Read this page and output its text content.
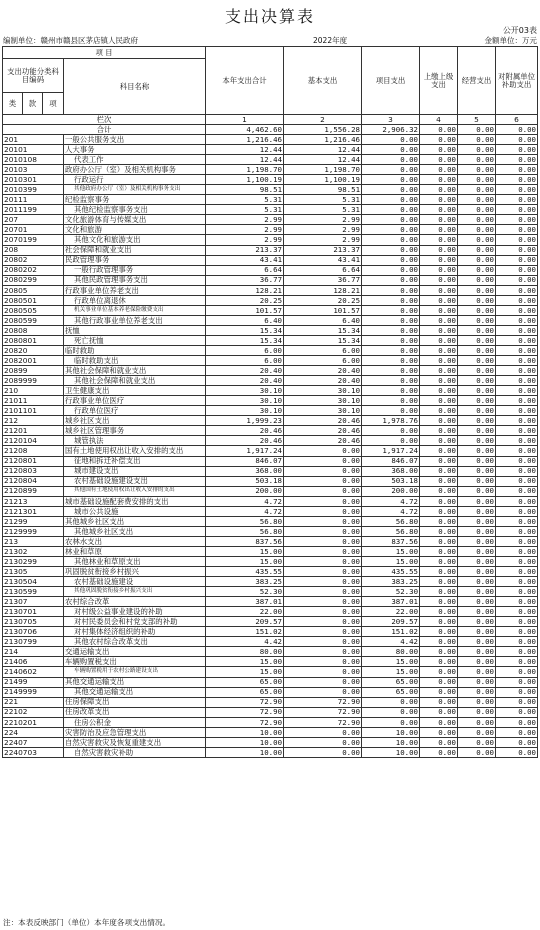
支出决算表
公开03表
编制单位：赣州市赣县区茅店镇人民政府	2022年度	金额单位：万元
项 目				本年支出合计	基本支出	项目支出	上缴上级支出	经营支出	对附属单位补助支出
支出功能分类科目编码			科目名称						
类	款	项							
栏次				1	2	3	4	5	6
合计				4,462.60	1,556.28	2,906.32	0.00	0.00	0.00
201			一般公共服务支出	1,216.46	1,216.46	0.00	0.00	0.00	0.00
20101			人大事务	12.44	12.44	0.00	0.00	0.00	0.00
2010108			代表工作	12.44	12.44	0.00	0.00	0.00	0.00
20103			政府办公厅（室）及相关机构事务	1,198.70	1,198.70	0.00	0.00	0.00	0.00
2010301			行政运行	1,100.19	1,100.19	0.00	0.00	0.00	0.00
2010399			其他政府办公厅（室）及相关机构事务支出	98.51	98.51	0.00	0.00	0.00	0.00
20111			纪检监察事务	5.31	5.31	0.00	0.00	0.00	0.00
2011199			其他纪检监察事务支出	5.31	5.31	0.00	0.00	0.00	0.00
207			文化旅游体育与传媒支出	2.99	2.99	0.00	0.00	0.00	0.00
20701			文化和旅游	2.99	2.99	0.00	0.00	0.00	0.00
2070199			其他文化和旅游支出	2.99	2.99	0.00	0.00	0.00	0.00
208			社会保障和就业支出	213.37	213.37	0.00	0.00	0.00	0.00
20802			民政管理事务	43.41	43.41	0.00	0.00	0.00	0.00
2080202			一般行政管理事务	6.64	6.64	0.00	0.00	0.00	0.00
2080299			其他民政管理事务支出	36.77	36.77	0.00	0.00	0.00	0.00
20805			行政事业单位养老支出	128.21	128.21	0.00	0.00	0.00	0.00
2080501			行政单位离退休	20.25	20.25	0.00	0.00	0.00	0.00
2080505			机关事业单位基本养老保险缴费支出	101.57	101.57	0.00	0.00	0.00	0.00
2080599			其他行政事业单位养老支出	6.40	6.40	0.00	0.00	0.00	0.00
20808			抚恤	15.34	15.34	0.00	0.00	0.00	0.00
2080801			死亡抚恤	15.34	15.34	0.00	0.00	0.00	0.00
20820			临时救助	6.00	6.00	0.00	0.00	0.00	0.00
2082001			临时救助支出	6.00	6.00	0.00	0.00	0.00	0.00
20899			其他社会保障和就业支出	20.40	20.40	0.00	0.00	0.00	0.00
2089999			其他社会保障和就业支出	20.40	20.40	0.00	0.00	0.00	0.00
210			卫生健康支出	30.10	30.10	0.00	0.00	0.00	0.00
21011			行政事业单位医疗	30.10	30.10	0.00	0.00	0.00	0.00
2101101			行政单位医疗	30.10	30.10	0.00	0.00	0.00	0.00
212			城乡社区支出	1,999.23	20.46	1,978.76	0.00	0.00	0.00
21201			城乡社区管理事务	20.46	20.46	0.00	0.00	0.00	0.00
2120104			城管执法	20.46	20.46	0.00	0.00	0.00	0.00
21208			国有土地使用权出让收入安排的支出	1,917.24	0.00	1,917.24	0.00	0.00	0.00
2120801			征地和拆迁补偿支出	846.07	0.00	846.07	0.00	0.00	0.00
2120803			城市建设支出	368.00	0.00	368.00	0.00	0.00	0.00
2120804			农村基础设施建设支出	503.18	0.00	503.18	0.00	0.00	0.00
2120899			其他国有土地使用权出让收入安排的支出	200.00	0.00	200.00	0.00	0.00	0.00
21213			城市基础设施配套费安排的支出	4.72	0.00	4.72	0.00	0.00	0.00
2121301			城市公共设施	4.72	0.00	4.72	0.00	0.00	0.00
21299			其他城乡社区支出	56.80	0.00	56.80	0.00	0.00	0.00
2129999			其他城乡社区支出	56.80	0.00	56.80	0.00	0.00	0.00
213			农林水支出	837.56	0.00	837.56	0.00	0.00	0.00
21302			林业和草原	15.00	0.00	15.00	0.00	0.00	0.00
2130299			其他林业和草原支出	15.00	0.00	15.00	0.00	0.00	0.00
21305			巩固脱贫衔接乡村振兴	435.55	0.00	435.55	0.00	0.00	0.00
2130504			农村基础设施建设	383.25	0.00	383.25	0.00	0.00	0.00
2130599			其他巩固脱贫衔接乡村振兴支出	52.30	0.00	52.30	0.00	0.00	0.00
21307			农村综合改革	387.01	0.00	387.01	0.00	0.00	0.00
2130701			对村级公益事业建设的补助	22.00	0.00	22.00	0.00	0.00	0.00
2130705			对村民委员会和村党支部的补助	209.57	0.00	209.57	0.00	0.00	0.00
2130706			对村集体经济组织的补助	151.02	0.00	151.02	0.00	0.00	0.00
2130799			其他农村综合改革支出	4.42	0.00	4.42	0.00	0.00	0.00
214			交通运输支出	80.00	0.00	80.00	0.00	0.00	0.00
21406			车辆购置税支出	15.00	0.00	15.00	0.00	0.00	0.00
2140602			车辆购置税用于农村公路建设支出	15.00	0.00	15.00	0.00	0.00	0.00
21499			其他交通运输支出	65.00	0.00	65.00	0.00	0.00	0.00
2149999			其他交通运输支出	65.00	0.00	65.00	0.00	0.00	0.00
221			住房保障支出	72.90	72.90	0.00	0.00	0.00	0.00
22102			住房改革支出	72.90	72.90	0.00	0.00	0.00	0.00
2210201			住房公积金	72.90	72.90	0.00	0.00	0.00	0.00
224			灾害防治及应急管理支出	10.00	0.00	10.00	0.00	0.00	0.00
22407			自然灾害救灾及恢复重建支出	10.00	0.00	10.00	0.00	0.00	0.00
2240703			自然灾害救灾补助	10.00	0.00	10.00	0.00	0.00	0.00
注：本表反映部门（单位）本年度各项支出情况。
